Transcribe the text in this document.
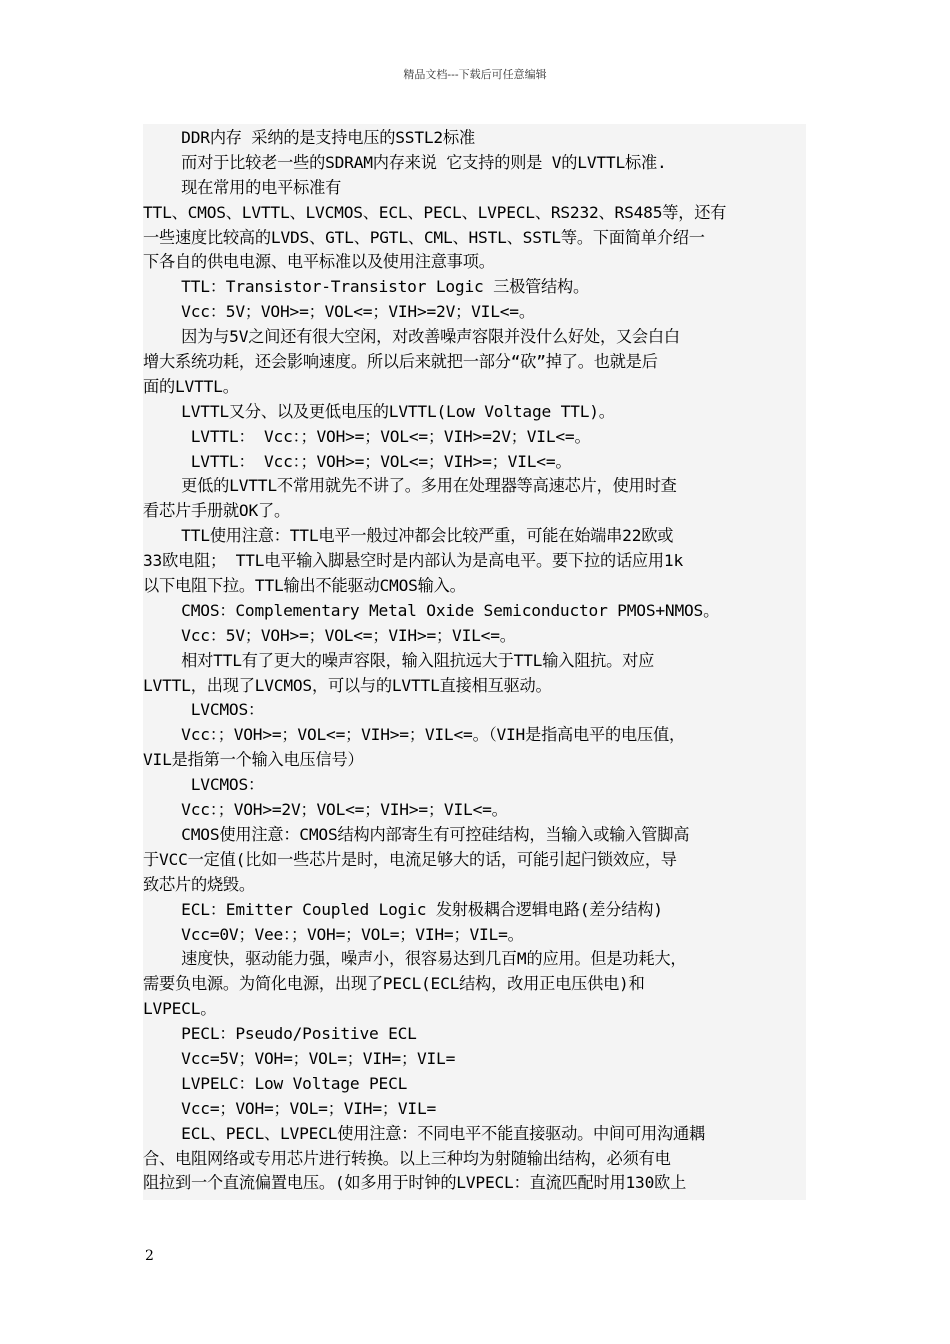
精品文档---下载后可任意编辑
DDR内存 采纳的是支持电压的SSTL2标准
而对于比较老一些的SDRAM内存来说 它支持的则是 V的LVTTL标准.
现在常用的电平标准有
TTL、CMOS、LVTTL、LVCMOS、ECL、PECL、LVPECL、RS232、RS485等，还有
一些速度比较高的LVDS、GTL、PGTL、CML、HSTL、SSTL等。下面简单介绍一
下各自的供电电源、电平标准以及使用注意事项。
TTL：Transistor-Transistor Logic 三极管结构。
Vcc：5V；VOH>=；VOL<=；VIH>=2V；VIL<=。
因为与5V之间还有很大空闲，对改善噪声容限并没什么好处，又会白白
增大系统功耗，还会影响速度。所以后来就把一部分“砍”掉了。也就是后
面的LVTTL。
LVTTL又分、以及更低电压的LVTTL(Low Voltage TTL)。
LVTTL： Vcc：；VOH>=；VOL<=；VIH>=2V；VIL<=。
LVTTL： Vcc：；VOH>=；VOL<=；VIH>=；VIL<=。
更低的LVTTL不常用就先不讲了。多用在处理器等高速芯片，使用时查
看芯片手册就OK了。
TTL使用注意：TTL电平一般过冲都会比较严重，可能在始端串22欧或
33欧电阻； TTL电平输入脚悬空时是内部认为是高电平。要下拉的话应用1k
以下电阻下拉。TTL输出不能驱动CMOS输入。
CMOS：Complementary Metal Oxide Semiconductor PMOS+NMOS。
Vcc：5V；VOH>=；VOL<=；VIH>=；VIL<=。
相对TTL有了更大的噪声容限，输入阻抗远大于TTL输入阻抗。对应
LVTTL，出现了LVCMOS，可以与的LVTTL直接相互驱动。
LVCMOS：
Vcc：；VOH>=；VOL<=；VIH>=；VIL<=。（VIH是指高电平的电压值，
VIL是指第一个输入电压信号）
LVCMOS：
Vcc：；VOH>=2V；VOL<=；VIH>=；VIL<=。
CMOS使用注意：CMOS结构内部寄生有可控硅结构，当输入或输入管脚高
于VCC一定值(比如一些芯片是时，电流足够大的话，可能引起闩锁效应，导
致芯片的烧毁。
ECL：Emitter Coupled Logic 发射极耦合逻辑电路(差分结构)
Vcc=0V；Vee：；VOH=；VOL=；VIH=；VIL=。
速度快，驱动能力强，噪声小，很容易达到几百M的应用。但是功耗大，
需要负电源。为简化电源，出现了PECL(ECL结构，改用正电压供电)和
LVPECL。
PECL：Pseudo/Positive ECL
Vcc=5V；VOH=；VOL=；VIH=；VIL=
LVPELC：Low Voltage PECL
Vcc=；VOH=；VOL=；VIH=；VIL=
ECL、PECL、LVPECL使用注意：不同电平不能直接驱动。中间可用沟通耦
合、电阻网络或专用芯片进行转换。以上三种均为射随输出结构，必须有电
阻拉到一个直流偏置电压。(如多用于时钟的LVPECL：直流匹配时用130欧上
2
